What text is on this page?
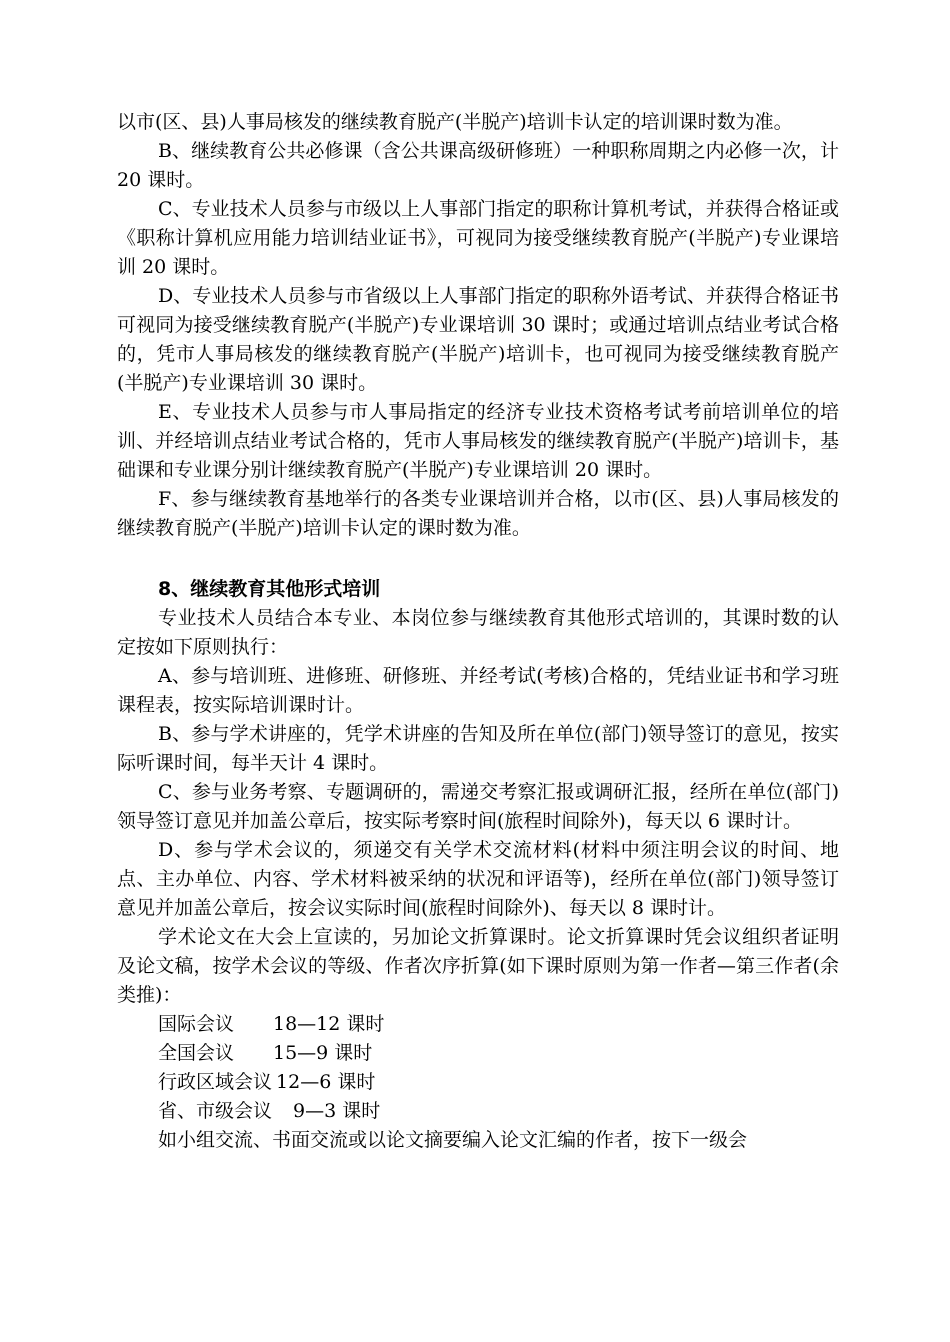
以市(区、县)人事局核发的继续教育脱产(半脱产)培训卡认定的培训课时数为准。

B、继续教育公共必修课（含公共课高级研修班）一种职称周期之内必修一次，计 20 课时。

C、专业技术人员参与市级以上人事部门指定的职称计算机考试，并获得合格证或《职称计算机应用能力培训结业证书》，可视同为接受继续教育脱产(半脱产)专业课培训 20 课时。

D、专业技术人员参与市省级以上人事部门指定的职称外语考试、并获得合格证书可视同为接受继续教育脱产(半脱产)专业课培训 30 课时；或通过培训点结业考试合格的，凭市人事局核发的继续教育脱产(半脱产)培训卡，也可视同为接受继续教育脱产(半脱产)专业课培训 30 课时。

E、专业技术人员参与市人事局指定的经济专业技术资格考试考前培训单位的培训、并经培训点结业考试合格的，凭市人事局核发的继续教育脱产(半脱产)培训卡，基础课和专业课分别计继续教育脱产(半脱产)专业课培训 20 课时。

F、参与继续教育基地举行的各类专业课培训并合格，以市(区、县)人事局核发的继续教育脱产(半脱产)培训卡认定的课时数为准。

8、继续教育其他形式培训

专业技术人员结合本专业、本岗位参与继续教育其他形式培训的，其课时数的认定按如下原则执行：

A、参与培训班、进修班、研修班、并经考试(考核)合格的，凭结业证书和学习班课程表，按实际培训课时计。

B、参与学术讲座的，凭学术讲座的告知及所在单位(部门)领导签订的意见，按实际听课时间，每半天计 4 课时。

C、参与业务考察、专题调研的，需递交考察汇报或调研汇报，经所在单位(部门)领导签订意见并加盖公章后，按实际考察时间(旅程时间除外)，每天以 6 课时计。

D、参与学术会议的，须递交有关学术交流材料(材料中须注明会议的时间、地点、主办单位、内容、学术材料被采纳的状况和评语等)，经所在单位(部门)领导签订意见并加盖公章后，按会议实际时间(旅程时间除外)、每天以 8 课时计。

学术论文在大会上宣读的，另加论文折算课时。论文折算课时凭会议组织者证明及论文稿，按学术会议的等级、作者次序折算(如下课时原则为第一作者—第三作者(余类推)：

国际会议	18—12 课时
全国会议	15—9 课时
行政区域会议 12—6 课时
省、市级会议	9—3 课时

如小组交流、书面交流或以论文摘要编入论文汇编的作者，按下一级会
